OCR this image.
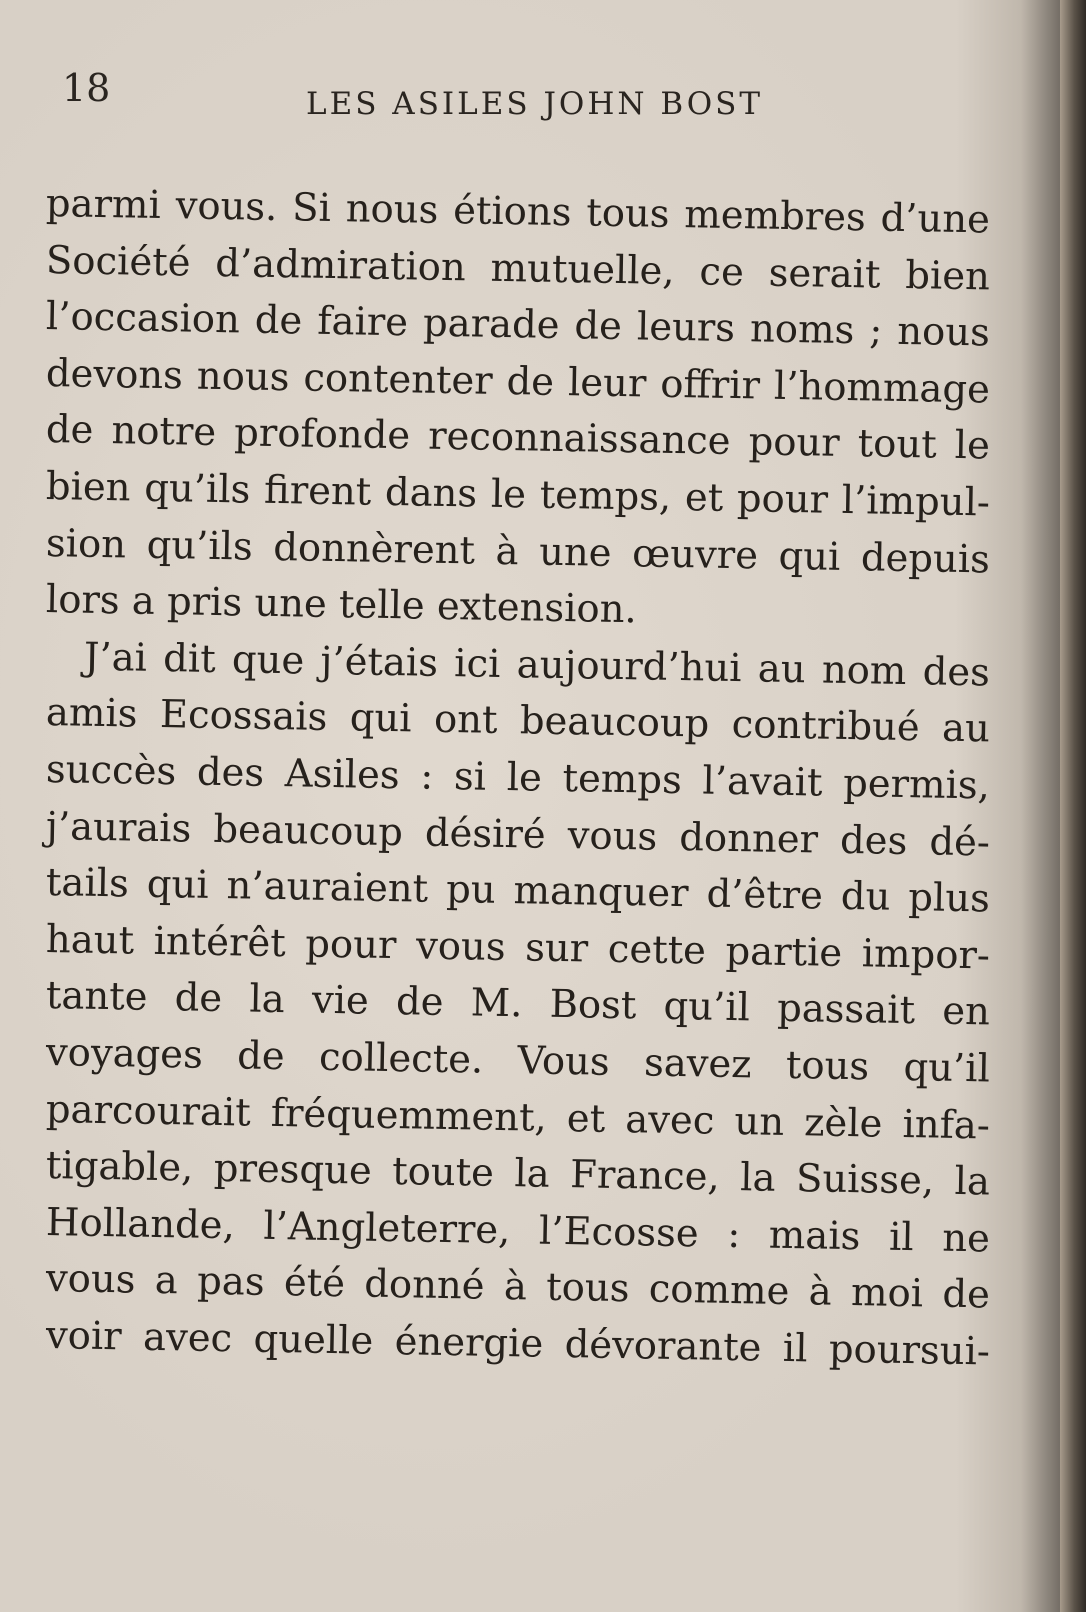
18	LES ASILES JOHN BOST
parmi vous. Si nous étions tous membres d’une
Société d’admiration mutuelle, ce serait bien
l’occasion de faire parade de leurs noms ; nous
devons nous contenter de leur offrir l’hommage
de notre profonde reconnaissance pour tout le
bien qu’ils firent dans le temps, et pour l’impul-
sion qu’ils donnèrent à une œuvre qui depuis
lors a pris une telle extension.
J’ai dit que j’étais ici aujourd’hui au nom des
amis Ecossais qui ont beaucoup contribué au
succès des Asiles : si le temps l’avait permis,
j’aurais beaucoup désiré vous donner des dé-
tails qui n’auraient pu manquer d’être du plus
haut intérêt pour vous sur cette partie impor-
tante de la vie de M. Bost qu’il passait en
voyages de collecte. Vous savez tous qu’il
parcourait fréquemment, et avec un zèle infa-
tigable, presque toute la France, la Suisse, la
Hollande, l’Angleterre, l’Ecosse : mais il ne
vous a pas été donné à tous comme à moi de
voir avec quelle énergie dévorante il poursui-
